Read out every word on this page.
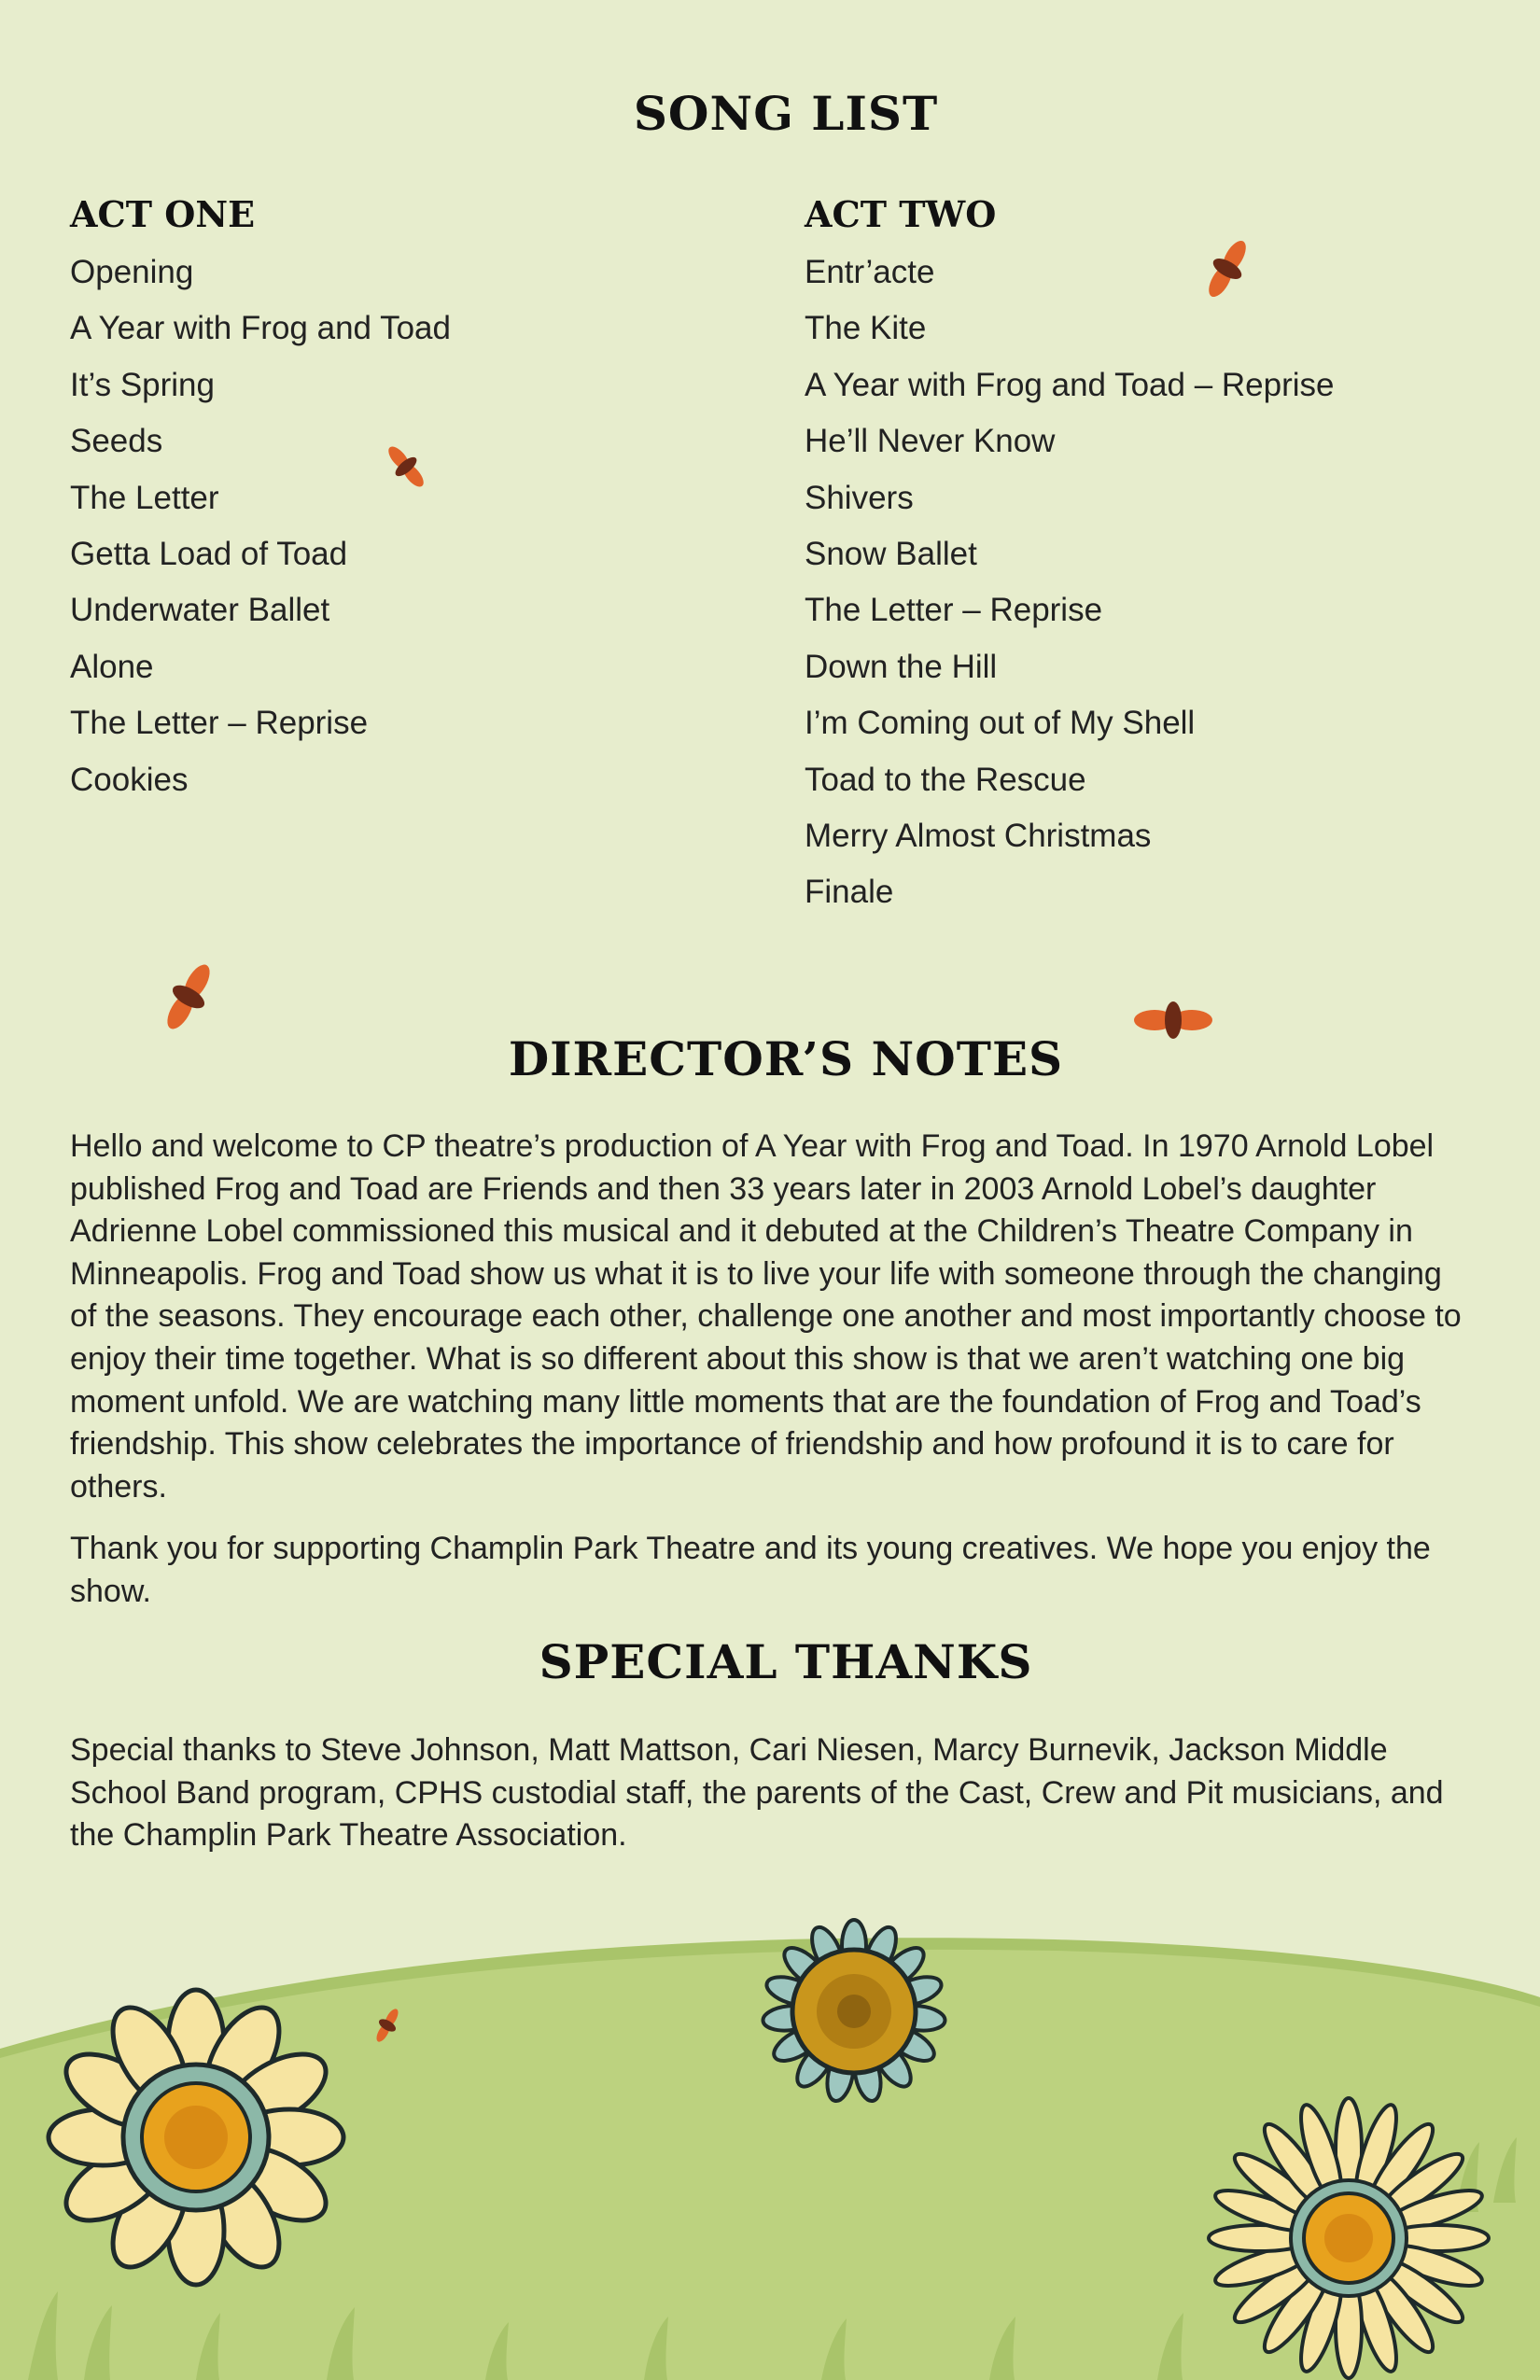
SONG LIST
ACT ONE
Opening
A Year with Frog and Toad
It’s Spring
Seeds
The Letter
Getta Load of Toad
Underwater Ballet
Alone
The Letter – Reprise
Cookies
ACT TWO
Entr’acte
The Kite
A Year with Frog and Toad – Reprise
He’ll Never Know
Shivers
Snow Ballet
The Letter – Reprise
Down the Hill
I’m Coming out of My Shell
Toad to the Rescue
Merry Almost Christmas
Finale
DIRECTOR’S NOTES

Hello and welcome to CP theatre’s production of A Year with Frog and Toad. In 1970 Arnold Lobel published Frog and Toad are Friends and then 33 years later in 2003 Arnold Lobel’s daughter Adrienne Lobel commissioned this musical and it debuted at the Children’s Theatre Company in Minneapolis. Frog and Toad show us what it is to live your life with someone through the changing of the seasons. They encourage each other, challenge one another and most importantly choose to enjoy their time together. What is so different about this show is that we aren’t watching one big moment unfold. We are watching many little moments that are the foundation of Frog and Toad’s friendship. This show celebrates the importance of friendship and how profound it is to care for others.

Thank you for supporting Champlin Park Theatre and its young creatives. We hope you enjoy the show.

SPECIAL THANKS

Special thanks to Steve Johnson, Matt Mattson, Cari Niesen, Marcy Burnevik, Jackson Middle School Band program, CPHS custodial staff, the parents of the Cast, Crew and Pit musicians, and the Champlin Park Theatre Association.
